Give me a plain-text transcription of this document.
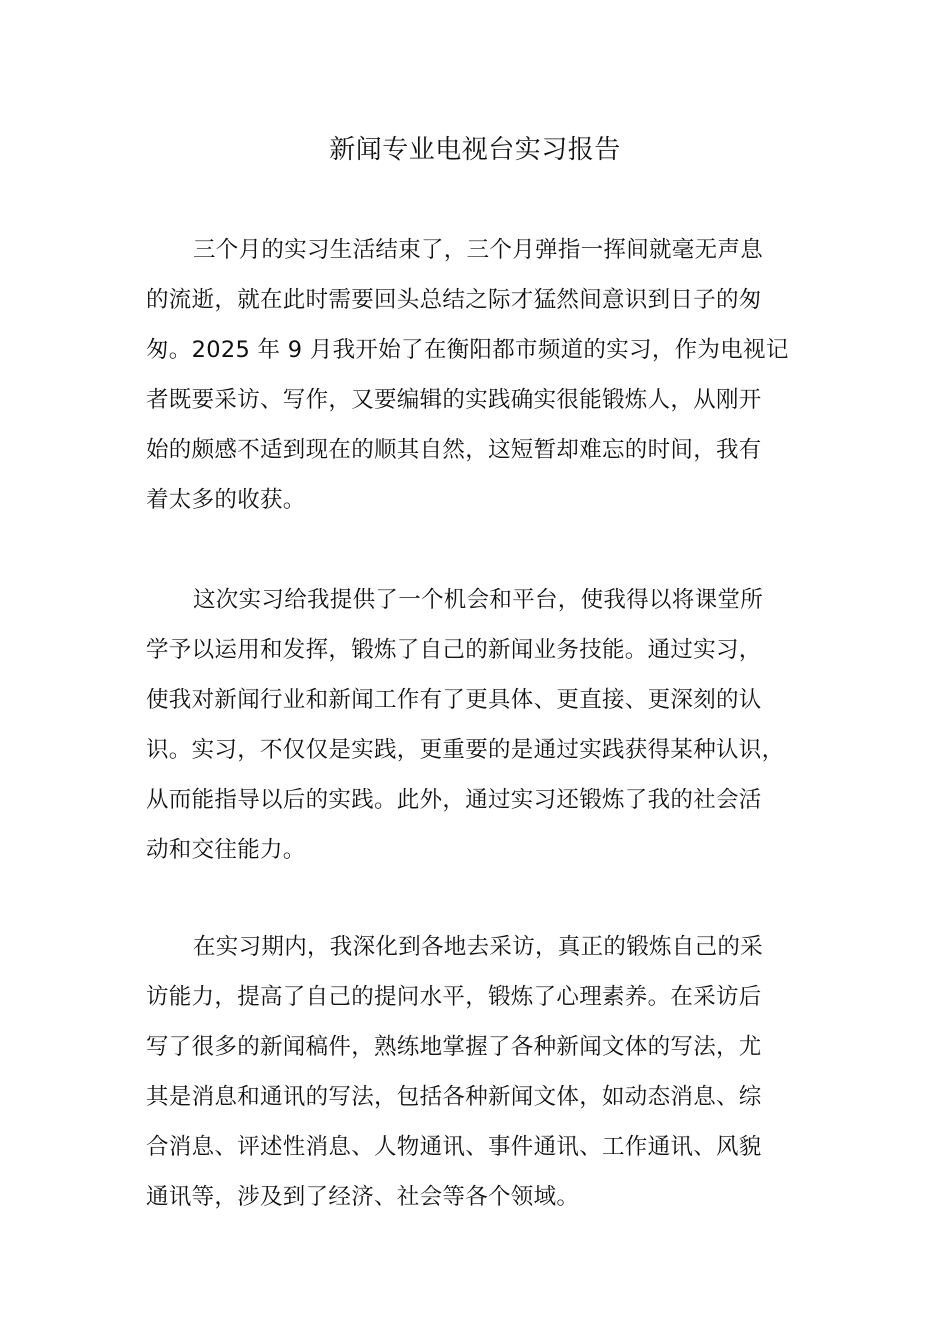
新闻专业电视台实习报告
三个月的实习生活结束了，三个月弹指一挥间就毫无声息
的流逝，就在此时需要回头总结之际才猛然间意识到日子的匆
匆。2025 年 9 月我开始了在衡阳都市频道的实习，作为电视记
者既要采访、写作，又要编辑的实践确实很能锻炼人，从刚开
始的颇感不适到现在的顺其自然，这短暂却难忘的时间，我有
着太多的收获。
这次实习给我提供了一个机会和平台，使我得以将课堂所
学予以运用和发挥，锻炼了自己的新闻业务技能。通过实习，
使我对新闻行业和新闻工作有了更具体、更直接、更深刻的认
识。实习，不仅仅是实践，更重要的是通过实践获得某种认识，
从而能指导以后的实践。此外，通过实习还锻炼了我的社会活
动和交往能力。
在实习期内，我深化到各地去采访，真正的锻炼自己的采
访能力，提高了自己的提问水平，锻炼了心理素养。在采访后
写了很多的新闻稿件，熟练地掌握了各种新闻文体的写法，尤
其是消息和通讯的写法，包括各种新闻文体，如动态消息、综
合消息、评述性消息、人物通讯、事件通讯、工作通讯、风貌
通讯等，涉及到了经济、社会等各个领域。
